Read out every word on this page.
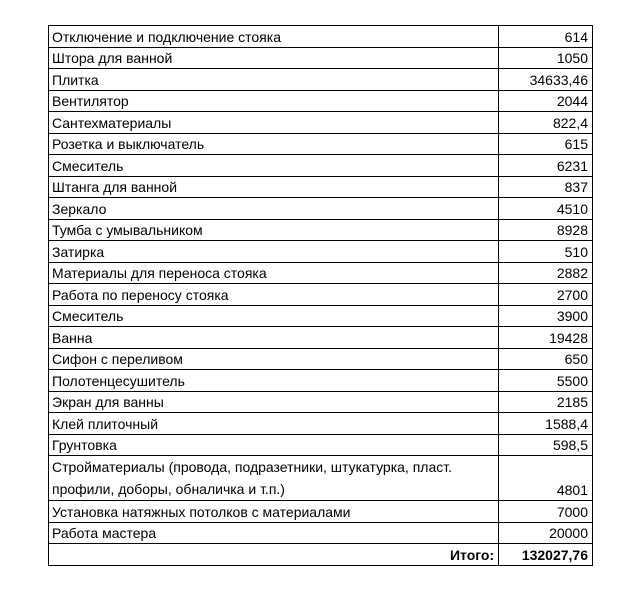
Отключение и подключение стояка	614
Штора для ванной	1050
Плитка	34633,46
Вентилятор	2044
Сантехматериалы	822,4
Розетка и выключатель	615
Смеситель	6231
Штанга для ванной	837
Зеркало	4510
Тумба с умывальником	8928
Затирка	510
Материалы для переноса стояка	2882
Работа по переносу стояка	2700
Смеситель	3900
Ванна	19428
Сифон с переливом	650
Полотенцесушитель	5500
Экран для ванны	2185
Клей плиточный	1588,4
Грунтовка	598,5
Стройматериалы (провода, подразетники, штукатурка, пласт. профили, доборы, обналичка и т.п.)	4801
Установка натяжных потолков с материалами	7000
Работа мастера	20000
Итого:	132027,76
